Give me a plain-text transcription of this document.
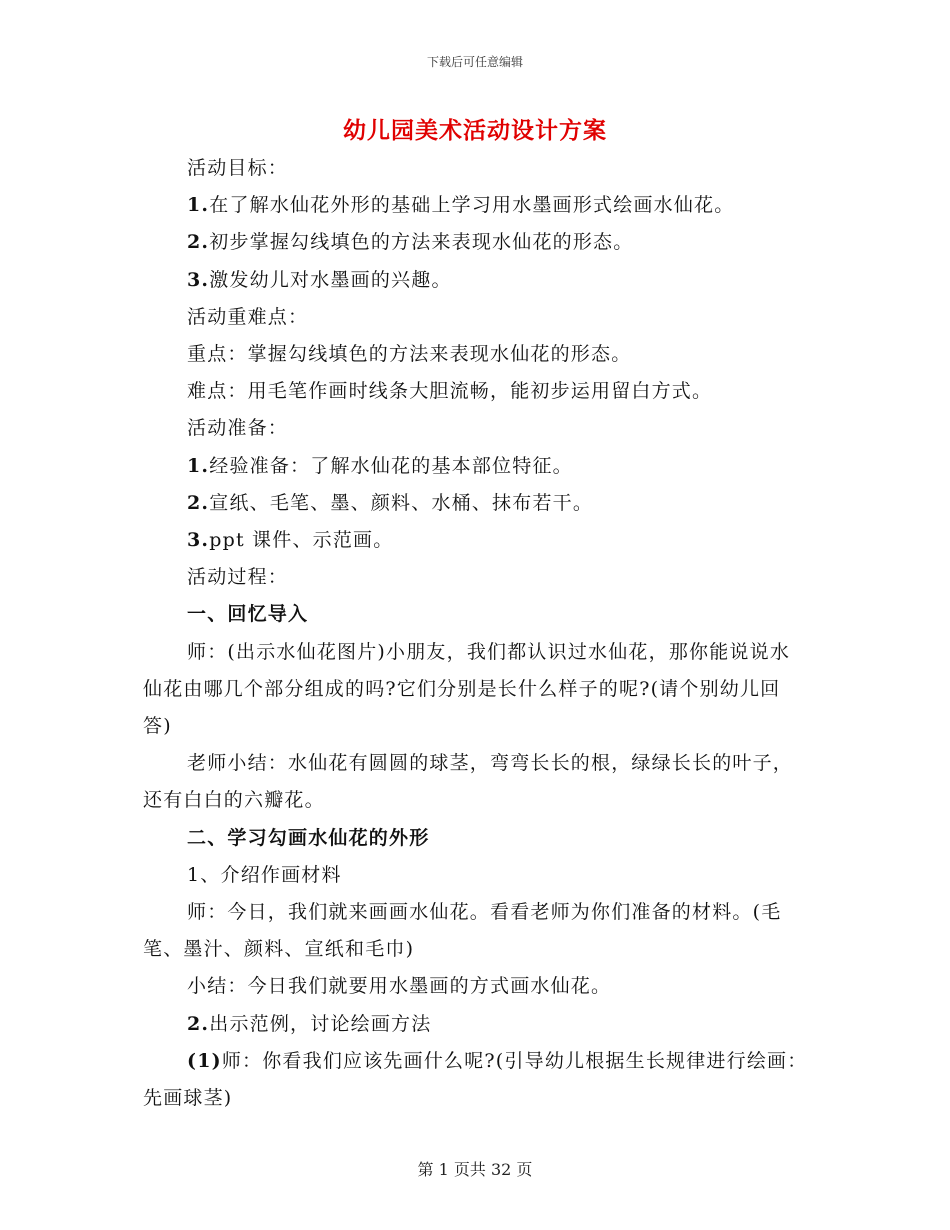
下载后可任意编辑
幼儿园美术活动设计方案

活动目标：

1.在了解水仙花外形的基础上学习用水墨画形式绘画水仙花。

2.初步掌握勾线填色的方法来表现水仙花的形态。

3.激发幼儿对水墨画的兴趣。

活动重难点：

重点：掌握勾线填色的方法来表现水仙花的形态。

难点：用毛笔作画时线条大胆流畅，能初步运用留白方式。

活动准备：

1.经验准备：了解水仙花的基本部位特征。

2.宣纸、毛笔、墨、颜料、水桶、抹布若干。

3.ppt 课件、示范画。

活动过程：

一、回忆导入

师：(出示水仙花图片)小朋友，我们都认识过水仙花，那你能说说水仙花由哪几个部分组成的吗?它们分别是长什么样子的呢?(请个别幼儿回答)

老师小结：水仙花有圆圆的球茎，弯弯长长的根，绿绿长长的叶子，还有白白的六瓣花。

二、学习勾画水仙花的外形

1、介绍作画材料

师：今日，我们就来画画水仙花。看看老师为你们准备的材料。(毛笔、墨汁、颜料、宣纸和毛巾)

小结：今日我们就要用水墨画的方式画水仙花。

2.出示范例，讨论绘画方法

(1)师：你看我们应该先画什么呢?(引导幼儿根据生长规律进行绘画：先画球茎)

第 1 页共 32 页
